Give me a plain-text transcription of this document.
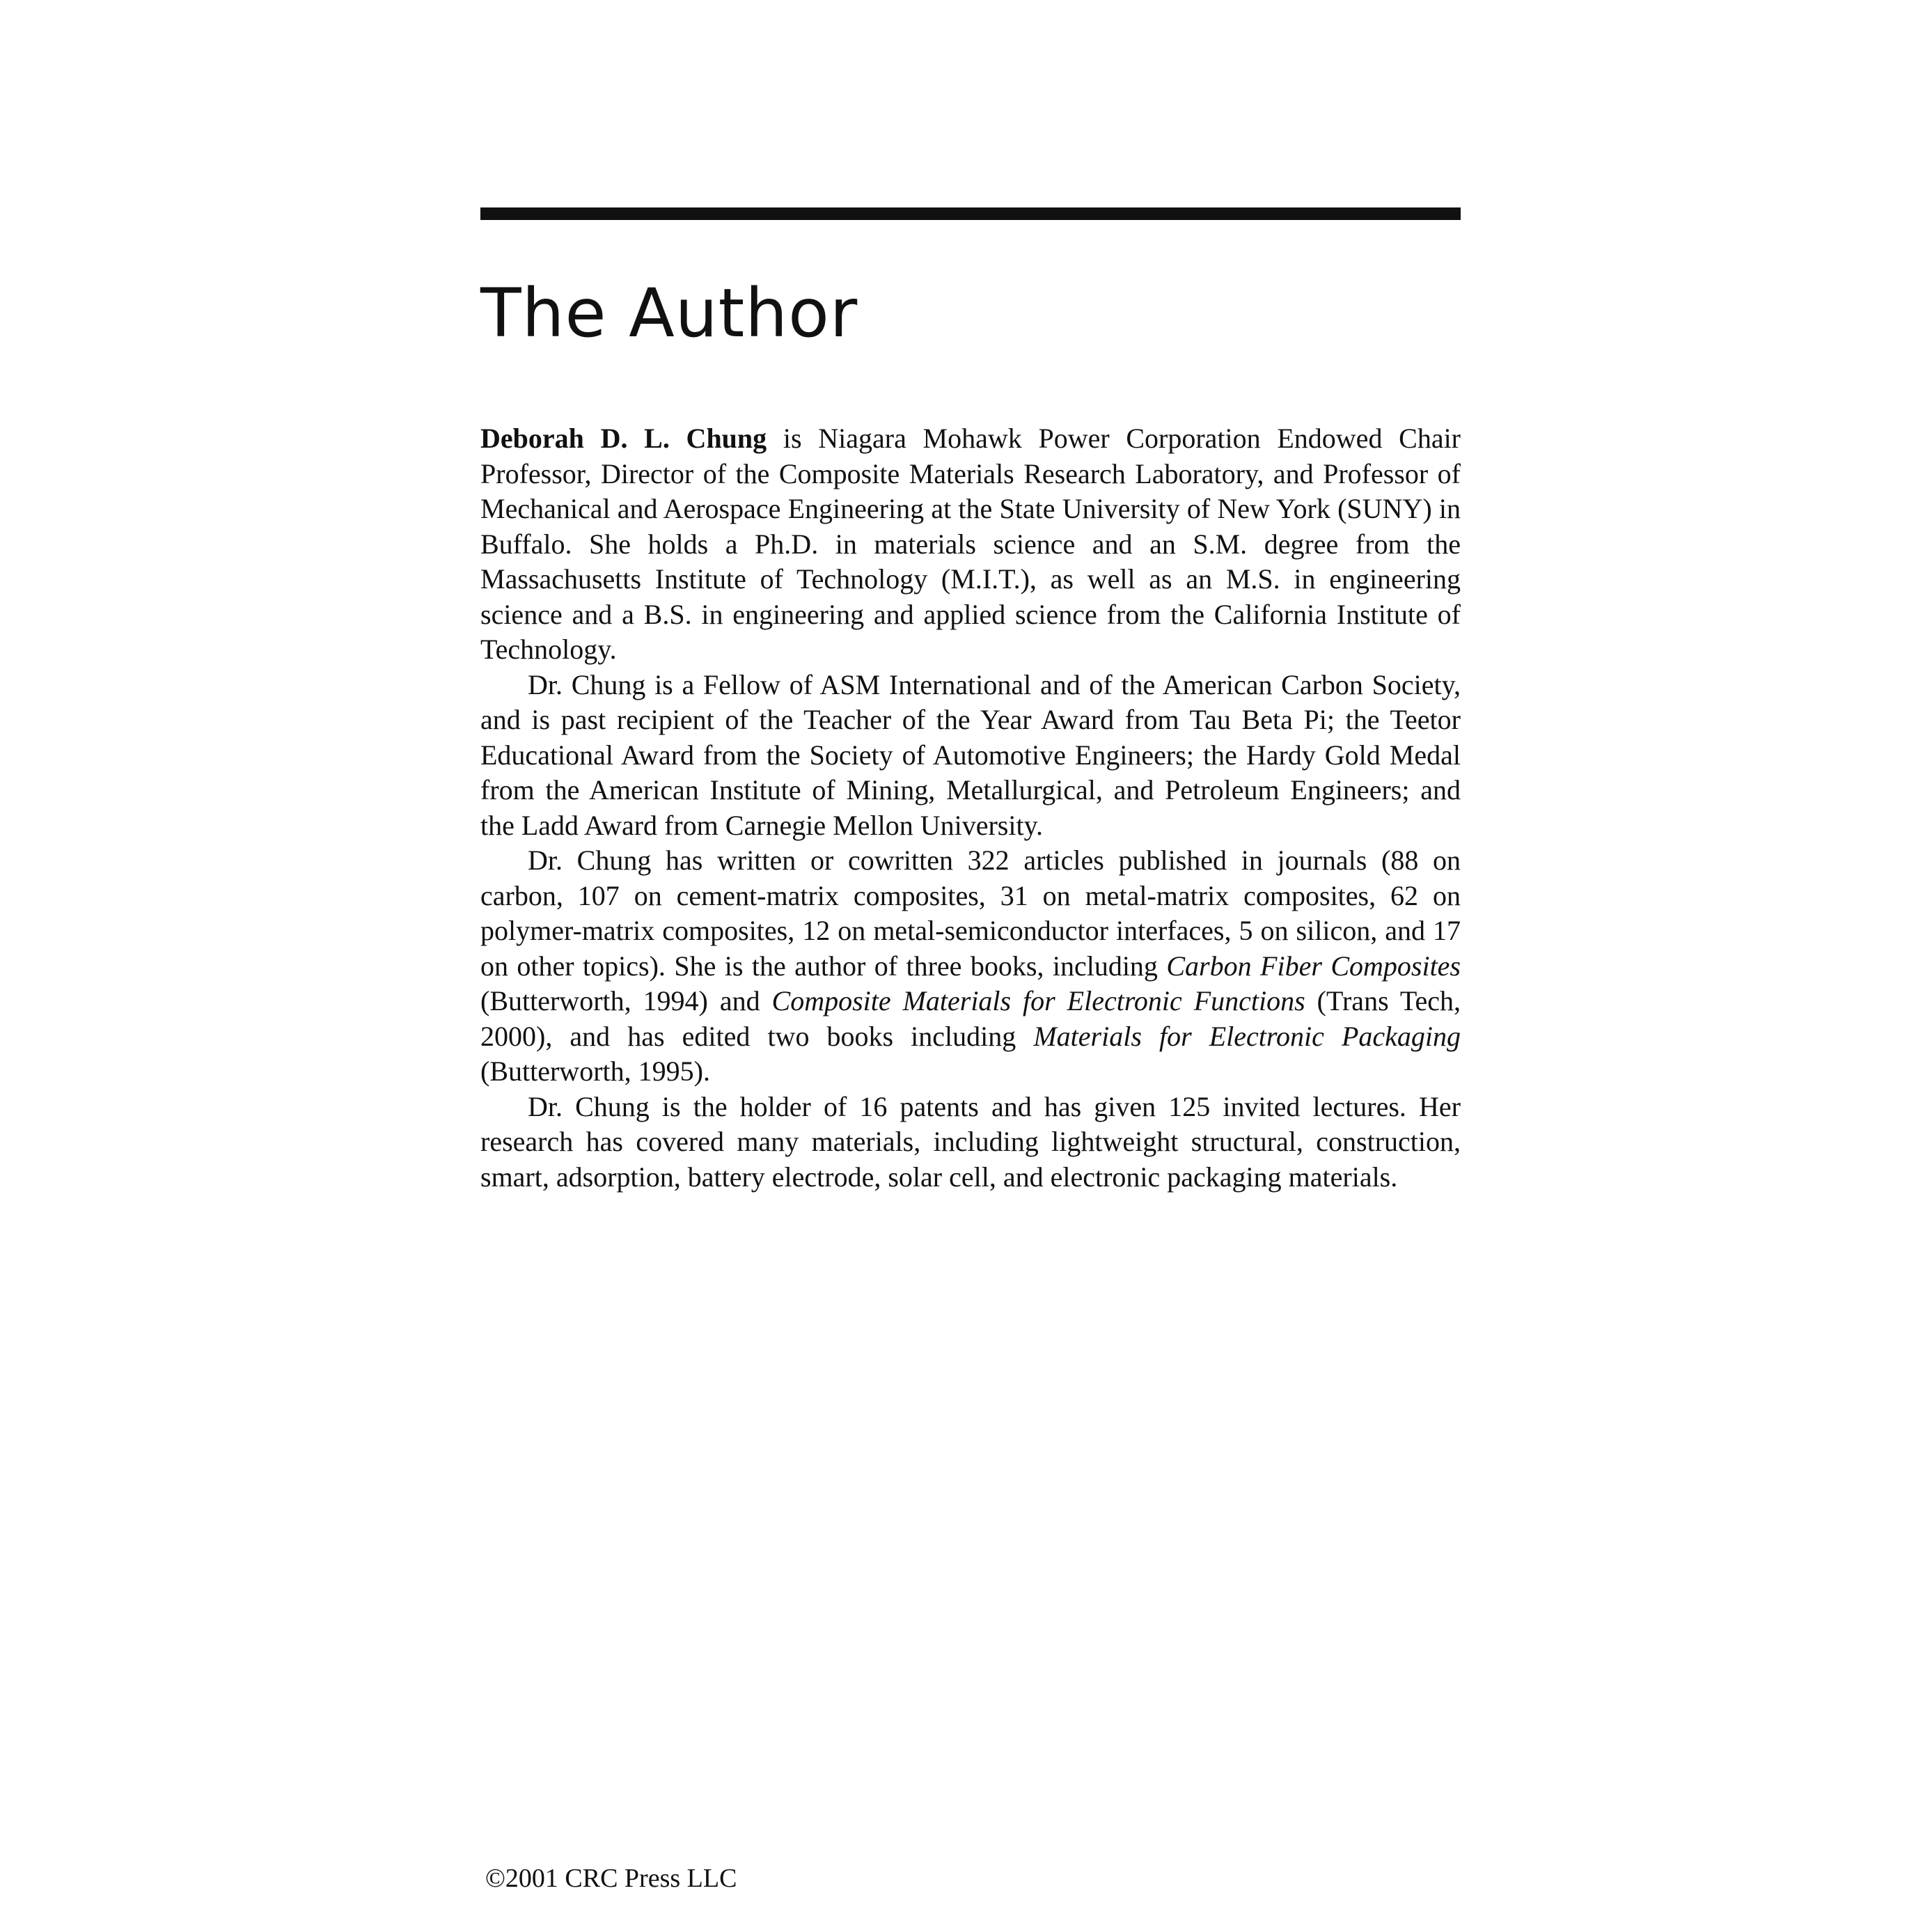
The Author

Deborah D. L. Chung is Niagara Mohawk Power Corporation Endowed Chair Professor, Director of the Composite Materials Research Laboratory, and Professor of Mechanical and Aerospace Engineering at the State University of New York (SUNY) in Buffalo. She holds a Ph.D. in materials science and an S.M. degree from the Massachusetts Institute of Technology (M.I.T.), as well as an M.S. in engineering science and a B.S. in engineering and applied science from the California Institute of Technology.

Dr. Chung is a Fellow of ASM International and of the American Carbon Society, and is past recipient of the Teacher of the Year Award from Tau Beta Pi; the Teetor Educational Award from the Society of Automotive Engineers; the Hardy Gold Medal from the American Institute of Mining, Metallurgical, and Petroleum Engineers; and the Ladd Award from Carnegie Mellon University.

Dr. Chung has written or cowritten 322 articles published in journals (88 on carbon, 107 on cement-matrix composites, 31 on metal-matrix composites, 62 on polymer-matrix composites, 12 on metal-semiconductor interfaces, 5 on silicon, and 17 on other topics). She is the author of three books, including Carbon Fiber Composites (Butterworth, 1994) and Composite Materials for Electronic Functions (Trans Tech, 2000), and has edited two books including Materials for Electronic Packaging (Butterworth, 1995).

Dr. Chung is the holder of 16 patents and has given 125 invited lectures. Her research has covered many materials, including lightweight structural, construction, smart, adsorption, battery electrode, solar cell, and electronic packaging materials.

©2001 CRC Press LLC
